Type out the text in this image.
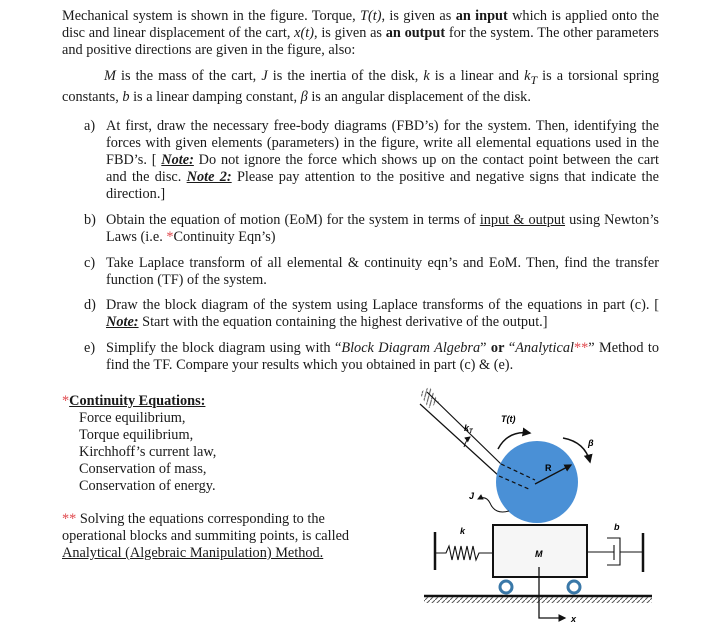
Mechanical system is shown in the figure. Torque, T(t), is given as an input which is applied onto the disc and linear displacement of the cart, x(t), is given as an output for the system. The other parameters and positive directions are given in the figure, also:
M is the mass of the cart, J is the inertia of the disk, k is a linear and $k_T$ is a torsional spring constants, b is a linear damping constant, β is an angular displacement of the disk.
a) At first, draw the necessary free-body diagrams (FBD’s) for the system. Then, identifying the forces with given elements (parameters) in the figure, write all elemental equations used in the FBD’s. [ Note: Do not ignore the force which shows up on the contact point between the cart and the disc. Note 2: Please pay attention to the positive and negative signs that indicate the direction.]
b) Obtain the equation of motion (EoM) for the system in terms of input & output using Newton’s Laws (i.e. *Continuity Eqn’s)
c) Take Laplace transform of all elemental & continuity eqn’s and EoM. Then, find the transfer function (TF) of the system.
d) Draw the block diagram of the system using Laplace transforms of the equations in part (c). [ Note: Start with the equation containing the highest derivative of the output.]
e) Simplify the block diagram using with “Block Diagram Algebra” or “Analytical**” Method to find the TF. Compare your results which you obtained in part (c) & (e).
*Continuity Equations:
Force equilibrium,
Torque equilibrium,
Kirchhoff’s current law,
Conservation of mass,
Conservation of energy.
** Solving the equations corresponding to the operational blocks and summiting points, is called Analytical (Algebraic Manipulation) Method.
$k_T$
T(t)
β
R
J
k	b
M
x
